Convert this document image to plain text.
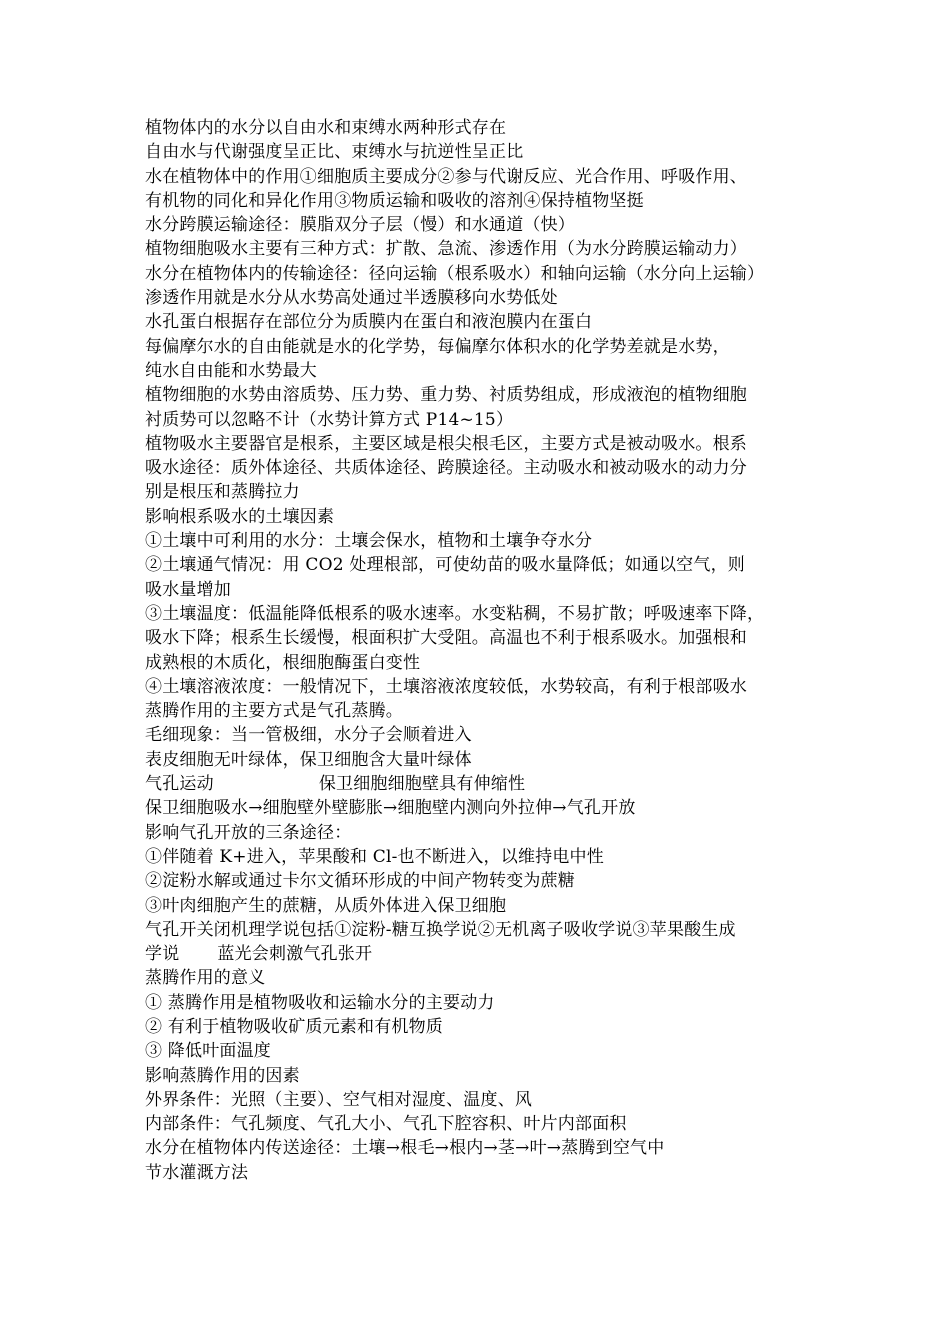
植物体内的水分以自由水和束缚水两种形式存在
自由水与代谢强度呈正比、束缚水与抗逆性呈正比
水在植物体中的作用①细胞质主要成分②参与代谢反应、光合作用、呼吸作用、
有机物的同化和异化作用③物质运输和吸收的溶剂④保持植物坚挺
水分跨膜运输途径：膜脂双分子层（慢）和水通道（快）
植物细胞吸水主要有三种方式：扩散、急流、渗透作用（为水分跨膜运输动力）
水分在植物体内的传输途径：径向运输（根系吸水）和轴向运输（水分向上运输）
渗透作用就是水分从水势高处通过半透膜移向水势低处
水孔蛋白根据存在部位分为质膜内在蛋白和液泡膜内在蛋白
每偏摩尔水的自由能就是水的化学势，每偏摩尔体积水的化学势差就是水势，
纯水自由能和水势最大
植物细胞的水势由溶质势、压力势、重力势、衬质势组成，形成液泡的植物细胞
衬质势可以忽略不计（水势计算方式 P14~15）
植物吸水主要器官是根系，主要区域是根尖根毛区，主要方式是被动吸水。根系
吸水途径：质外体途径、共质体途径、跨膜途径。主动吸水和被动吸水的动力分
别是根压和蒸腾拉力
影响根系吸水的土壤因素
①土壤中可利用的水分：土壤会保水，植物和土壤争夺水分
②土壤通气情况：用 CO2 处理根部，可使幼苗的吸水量降低；如通以空气，则
吸水量增加
③土壤温度：低温能降低根系的吸水速率。水变粘稠，不易扩散；呼吸速率下降，
吸水下降；根系生长缓慢，根面积扩大受阻。高温也不利于根系吸水。加强根和
成熟根的木质化，根细胞酶蛋白变性
④土壤溶液浓度：一般情况下，土壤溶液浓度较低，水势较高，有利于根部吸水
蒸腾作用的主要方式是气孔蒸腾。
毛细现象：当一管极细，水分子会顺着进入
表皮细胞无叶绿体，保卫细胞含大量叶绿体
气孔运动	保卫细胞细胞壁具有伸缩性
保卫细胞吸水→细胞壁外壁膨胀→细胞壁内测向外拉伸→气孔开放
影响气孔开放的三条途径：
①伴随着 K+进入，苹果酸和 Cl-也不断进入，以维持电中性
②淀粉水解或通过卡尔文循环形成的中间产物转变为蔗糖
③叶肉细胞产生的蔗糖，从质外体进入保卫细胞
气孔开关闭机理学说包括①淀粉-糖互换学说②无机离子吸收学说③苹果酸生成
学说 蓝光会刺激气孔张开
蒸腾作用的意义
① 蒸腾作用是植物吸收和运输水分的主要动力
② 有利于植物吸收矿质元素和有机物质
③ 降低叶面温度
影响蒸腾作用的因素
外界条件：光照（主要）、空气相对湿度、温度、风
内部条件：气孔频度、气孔大小、气孔下腔容积、叶片内部面积
水分在植物体内传送途径：土壤→根毛→根内→茎→叶→蒸腾到空气中
节水灌溉方法
